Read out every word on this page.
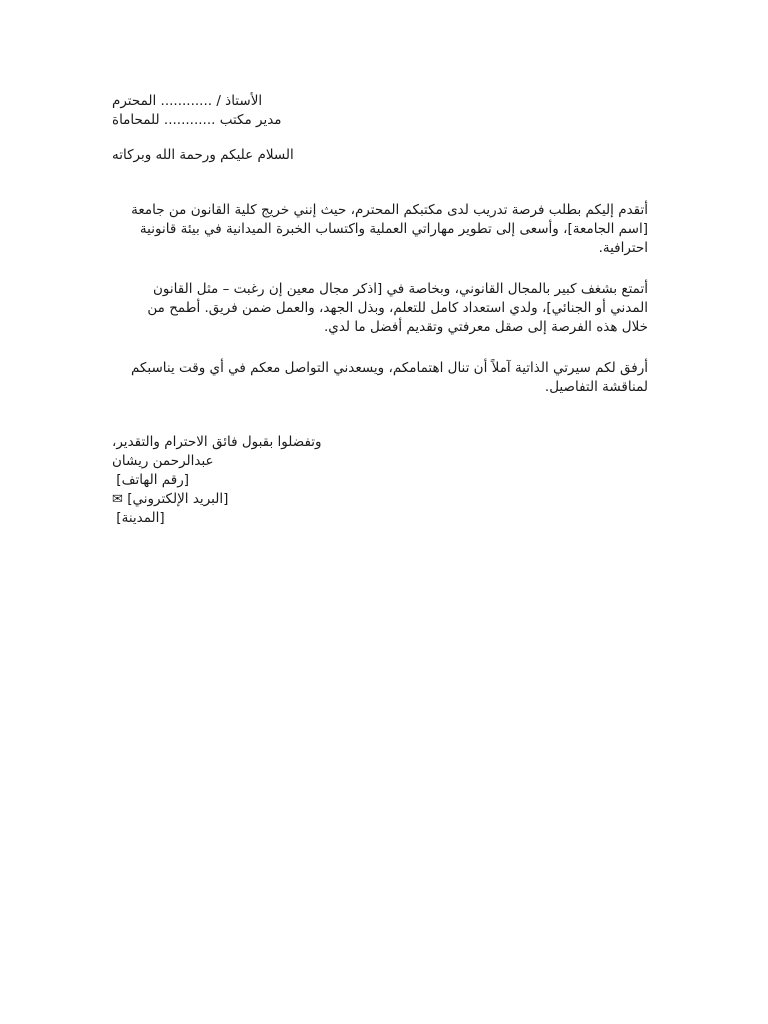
الأستاذ / ............ المحترم
مدير مكتب ............ للمحاماة
السلام عليكم ورحمة الله وبركاته
أتقدم إليكم بطلب فرصة تدريب لدى مكتبكم المحترم، حيث إنني خريج كلية القانون من جامعة
[اسم الجامعة]، وأسعى إلى تطوير مهاراتي العملية واكتساب الخبرة الميدانية في بيئة قانونية
احترافية.
أتمتع بشغف كبير بالمجال القانوني، وبخاصة في [اذكر مجال معين إن رغبت – مثل القانون
المدني أو الجنائي]، ولدي استعداد كامل للتعلم، وبذل الجهد، والعمل ضمن فريق. أطمح من
خلال هذه الفرصة إلى صقل معرفتي وتقديم أفضل ما لدي.
أرفق لكم سيرتي الذاتية آملاً أن تنال اهتمامكم، ويسعدني التواصل معكم في أي وقت يناسبكم
لمناقشة التفاصيل.
وتفضلوا بقبول فائق الاحترام والتقدير،
عبدالرحمن ريشان
[رقم الهاتف]
✉ [البريد الإلكتروني]
[المدينة]
